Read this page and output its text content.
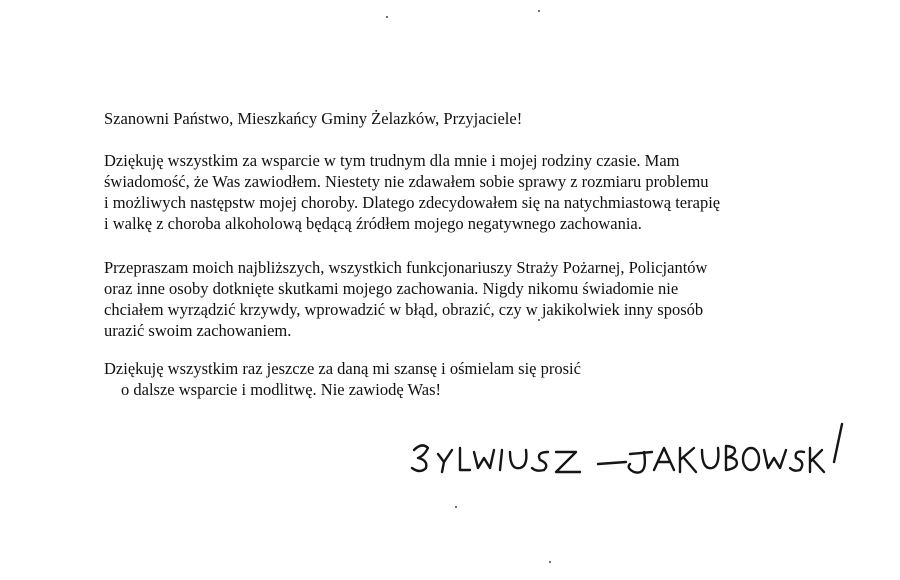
Szanowni Państwo, Mieszkańcy Gminy Żelazków, Przyjaciele!

Dziękuję wszystkim za wsparcie w tym trudnym dla mnie i mojej rodziny czasie. Mam
świadomość, że Was zawiodłem. Niestety nie zdawałem sobie sprawy z rozmiaru problemu
i możliwych następstw mojej choroby. Dlatego zdecydowałem się na natychmiastową terapię
i walkę z choroba alkoholową będącą źródłem mojego negatywnego zachowania.

Przepraszam moich najbliższych, wszystkich funkcjonariuszy Straży Pożarnej, Policjantów
oraz inne osoby dotknięte skutkami mojego zachowania. Nigdy nikomu świadomie nie
chciałem wyrządzić krzywdy, wprowadzić w błąd, obrazić, czy w jakikolwiek inny sposób
urazić swoim zachowaniem.

Dziękuję wszystkim raz jeszcze za daną mi szansę i ośmielam się prosić
o dalsze wsparcie i modlitwę. Nie zawiodę Was!
